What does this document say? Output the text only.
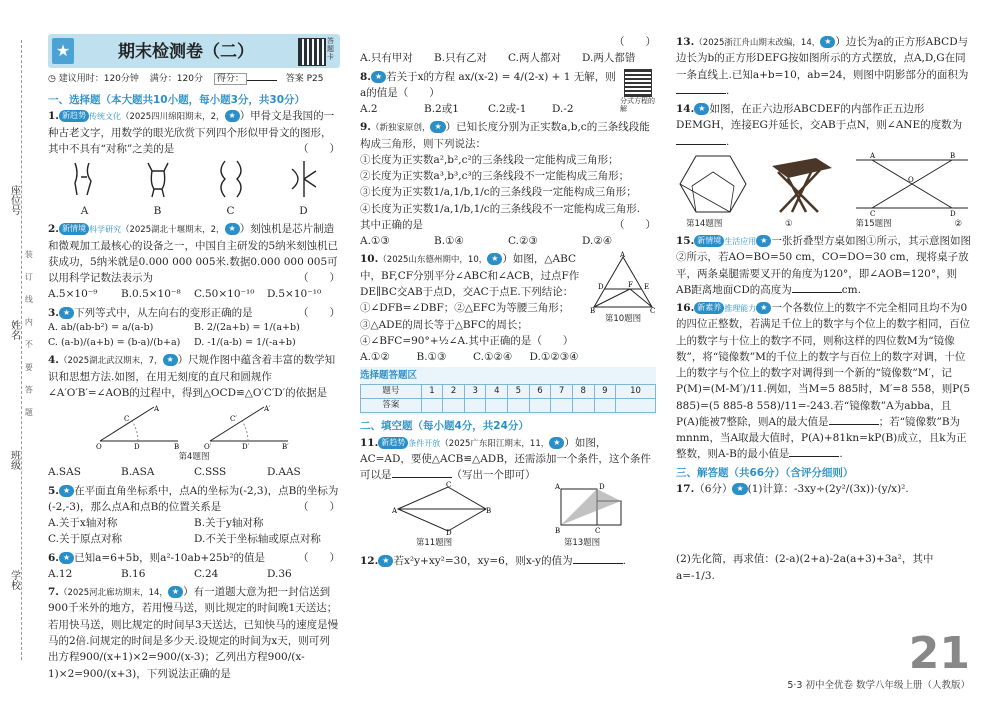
座位号
姓名
班级
学校
装 订 线 内 不 要 答 题
★	期末检测卷（二）
答题卡
◷ 建议用时：120分钟 满分：120分 得分：	答案 P25
一、选择题（本大题共10小题，每小题3分，共30分）
1. 新趋势 传统文化（2025四川绵阳期末，2， ★ ）甲骨文是我国的一种古老文字，用数学的眼光欣赏下列四个形似甲骨文的图形，其中不具有“对称”之美的是	（　　）
A	B	C	D
2. 新情境 科学研究（2025湖北十堰期末，2， ★ ）刻蚀机是芯片制造和微观加工最核心的设备之一，中国自主研发的5纳米刻蚀机已获成功，5纳米就是0.000 000 005米.数据0.000 000 005可以用科学记数法表示为	（　　）
A.5×10⁻⁹	B.0.5×10⁻⁸	C.50×10⁻¹⁰	D.5×10⁻¹⁰
3. ★ 下列等式中，从左向右的变形正确的是	（　　）
A. ab/(ab-b²) = a/(a-b)	B. 2/(2a+b) = 1/(a+b)
C. (a-b)/(a+b) = (b-a)/(b+a)	D. -1/(a-b) = 1/(-a+b)
4.（2025湖北武汉期末，7， ★ ）尺规作图中蕴含着丰富的数学知识和思想方法.如图，在用无刻度的直尺和圆规作∠A′O′B′=∠AOB的过程中，得到△OCD≌△O′C′D′的依据是
O	D	B
C
A
O′	D′	B′
C′
A′
第4题图
A.SAS	B.ASA	C.SSS	D.AAS
5. ★ 在平面直角坐标系中，点A的坐标为(-2,3)，点B的坐标为(-2,-3)，那么点A和点B的位置关系是	（　　）
A.关于x轴对称	B.关于y轴对称
C.关于原点对称	D.不关于坐标轴或原点对称
6. ★ 已知a=6+5b，则a²-10ab+25b²的值是	（　　）
A.12	B.16	C.24	D.36
7.（2025河北廊坊期末，14， ★ ）有一道题大意为把一封信送到900千米外的地方，若用慢马送，则比规定的时间晚1天送达；若用快马送，则比规定的时间早3天送达，已知快马的速度是慢马的2倍.问规定的时间是多少天.设规定的时间为x天，则可列出方程900/(x+1)×2=900/(x-3)；乙列出方程900/(x-1)×2=900/(x+3)，下列说法正确的是
（　　）
A.只有甲对	B.只有乙对	C.两人都对	D.两人都错
8. ★ 若关于x的方程 ax/(x-2) = 4/(2-x) + 1 无解，则a的值是（　　）
分式方程的解
A.2	B.2或1	C.2或-1	D.-2
9.（新独家原创， ★ ）已知长度分别为正实数a,b,c的三条线段能构成三角形，则下列说法：
①长度为正实数a²,b²,c²的三条线段一定能构成三角形；
②长度为正实数a³,b³,c³的三条线段不一定能构成三角形；
③长度为正实数1/a,1/b,1/c的三条线段一定能构成三角形；
④长度为正实数1/a,1/b,1/c的三条线段不一定能构成三角形.
其中正确的是	（　　）
A.①③	B.①④	C.②③	D.②④
10.（2025山东德州期中，10， ★ ）如图，△ABC中，BF,CF分别平分∠ABC和∠ACB，过点F作DE∥BC交AB于点D，交AC于点E.下列结论：①∠DFB=∠DBF；②△EFC为等腰三角形；③△ADE的周长等于△BFC的周长；④∠BFC=90°+½∠A.其中正确的是（　　）
A
B	C
D	E
F
第10题图
A.①②	B.①③	C.①②④	D.①②③④
选择题答题区
题号	1	2	3	4	5	6	7	8	9	10
答案										
二、填空题（每小题4分，共24分）
11. 新趋势 条件开放（2025广东阳江期末，11， ★ ）如图，AC=AD，要使△ACB≌△ADB，还需添加一个条件，这个条件可以是	（写出一个即可）
A
C
B
D
A
B	C
D
第11题图	第13题图
12. ★ 若x²y+xy²=30，xy=6，则x-y的值为	.
13.（2025浙江舟山期末改编，14， ★ ）边长为a的正方形ABCD与边长为b的正方形DEFG按如图所示的方式摆放，点A,D,G在同一条直线上.已知a+b=10，ab=24，则图中阴影部分的面积为.
14. ★ 如图，在正六边形ABCDEF的内部作正五边形DEMGH，连接EG并延长，交AB于点N，则∠ANE的度数为.
A	B
O
C	D
第14题图	①	第15题图	②
15. 新情境 生活应用 ★ 一张折叠型方桌如图①所示，其示意图如图②所示，若AO=BO=50 cm，CO=DO=30 cm，现将桌子放平，两条桌腿需要叉开的角度为120°，即∠AOB=120°，则AB距离地面CD的高度为	cm.
16. 新素养 推理能力 ★ 一个各数位上的数字不完全相同且均不为0的四位正整数，若满足千位上的数字与个位上的数字相同，百位上的数字与十位上的数字不同，则称这样的四位数M为“镜像数”，将“镜像数”M的千位上的数字与百位上的数字对调，十位上的数字与个位上的数字对调得到一个新的“镜像数”M′，记P(M)=(M-M′)/11.例如，当M=5 885时，M′=8 558，则P(5 885)=(5 885-8 558)/11=-243.若“镜像数”A为abba，且P(A)能被7整除，则A的最大值是	；若“镜像数”B为mnnm，当A取最大值时，P(A)+81kn=kP(B)成立，且k为正整数，则A-B的最小值是	.
三、解答题（共66分）（含评分细则）
17.（6分） ★ (1)计算：-3xy÷(2y²/(3x))·(y/x)².
(2)先化简，再求值：(2-a)(2+a)-2a(a+3)+3a²，其中a=-1/3.
21
5·3 初中全优卷 数学八年级上册（人教版）
